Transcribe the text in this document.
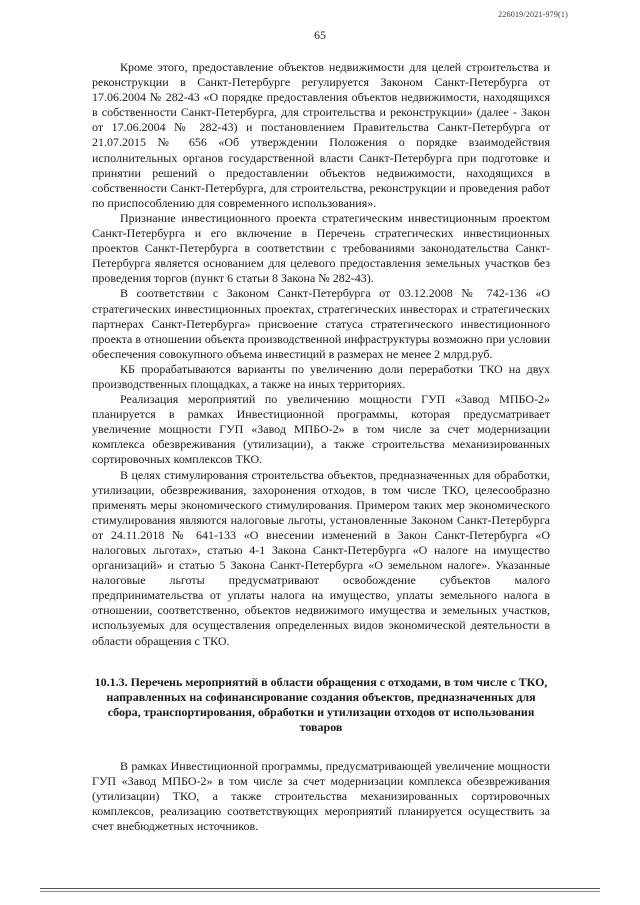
226019/2021-979(1)
65

Кроме этого, предоставление объектов недвижимости для целей строительства и реконструкции в Санкт-Петербурге регулируется Законом Санкт-Петербурга от 17.06.2004 № 282-43 «О порядке предоставления объектов недвижимости, находящихся в собственности Санкт-Петербурга, для строительства и реконструкции» (далее - Закон от 17.06.2004 № 282-43) и постановлением Правительства Санкт-Петербурга от 21.07.2015 № 656 «Об утверждении Положения о порядке взаимодействия исполнительных органов государственной власти Санкт-Петербурга при подготовке и принятии решений о предоставлении объектов недвижимости, находящихся в собственности Санкт-Петербурга, для строительства, реконструкции и проведения работ по приспособлению для современного использования».

Признание инвестиционного проекта стратегическим инвестиционным проектом Санкт-Петербурга и его включение в Перечень стратегических инвестиционных проектов Санкт-Петербурга в соответствии с требованиями законодательства Санкт-Петербурга является основанием для целевого предоставления земельных участков без проведения торгов (пункт 6 статьи 8 Закона № 282-43).

В соответствии с Законом Санкт-Петербурга от 03.12.2008 № 742-136 «О стратегических инвестиционных проектах, стратегических инвесторах и стратегических партнерах Санкт-Петербурга» присвоение статуса стратегического инвестиционного проекта в отношении объекта производственной инфраструктуры возможно при условии обеспечения совокупного объема инвестиций в размерах не менее 2 млрд.руб.

КБ прорабатываются варианты по увеличению доли переработки ТКО на двух производственных площадках, а также на иных территориях.

Реализация мероприятий по увеличению мощности ГУП «Завод МПБО-2» планируется в рамках Инвестиционной программы, которая предусматривает увеличение мощности ГУП «Завод МПБО-2» в том числе за счет модернизации комплекса обезвреживания (утилизации), а также строительства механизированных сортировочных комплексов ТКО.

В целях стимулирования строительства объектов, предназначенных для обработки, утилизации, обезвреживания, захоронения отходов, в том числе ТКО, целесообразно применять меры экономического стимулирования. Примером таких мер экономического стимулирования являются налоговые льготы, установленные Законом Санкт-Петербурга от 24.11.2018 № 641-133 «О внесении изменений в Закон Санкт-Петербурга «О налоговых льготах», статью 4-1 Закона Санкт-Петербурга «О налоге на имущество организаций» и статью 5 Закона Санкт-Петербурга «О земельном налоге». Указанные налоговые льготы предусматривают освобождение субъектов малого предпринимательства от уплаты налога на имущество, уплаты земельного налога в отношении, соответственно, объектов недвижимого имущества и земельных участков, используемых для осуществления определенных видов экономической деятельности в области обращения с ТКО.

10.1.3. Перечень мероприятий в области обращения с отходами, в том числе с ТКО, направленных на софинансирование создания объектов, предназначенных для сбора, транспортирования, обработки и утилизации отходов от использования товаров

В рамках Инвестиционной программы, предусматривающей увеличение мощности ГУП «Завод МПБО-2» в том числе за счет модернизации комплекса обезвреживания (утилизации) ТКО, а также строительства механизированных сортировочных комплексов, реализацию соответствующих мероприятий планируется осуществить за счет внебюджетных источников.
